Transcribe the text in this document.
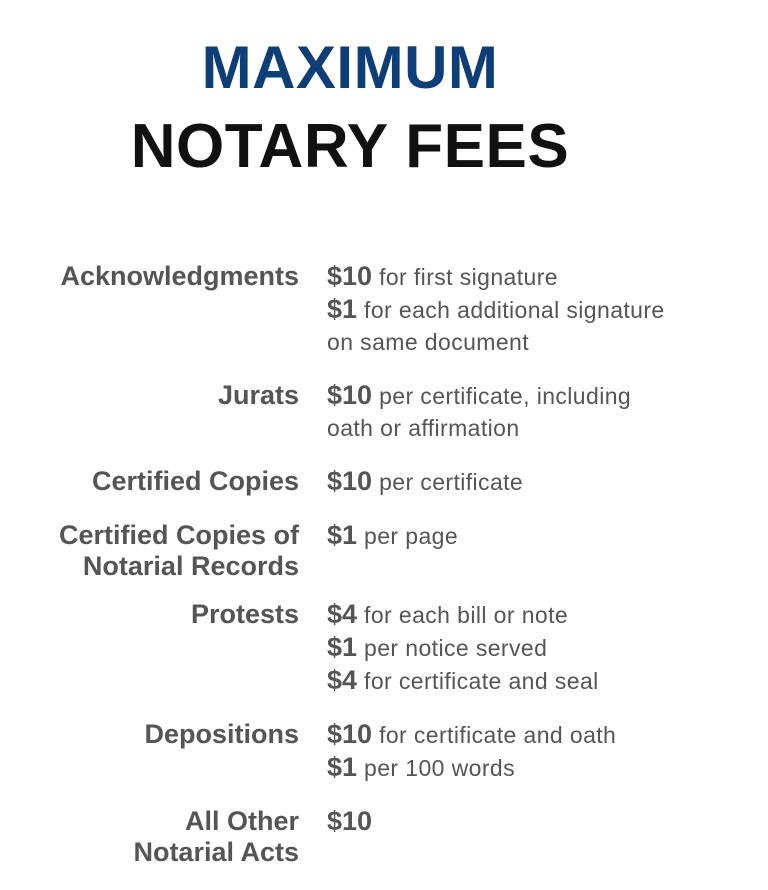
MAXIMUM
NOTARY FEES
Acknowledgments $10 for first signature
$1 for each additional signature
on same document
Jurats $10 per certificate, including
oath or affirmation
Certified Copies $10 per certificate
Certified Copies of
Notarial Records
$1 per page
Protests $4 for each bill or note
$1 per notice served
$4 for certificate and seal
Depositions $10 for certificate and oath
$1 per 100 words
All Other
Notarial Acts
$10
